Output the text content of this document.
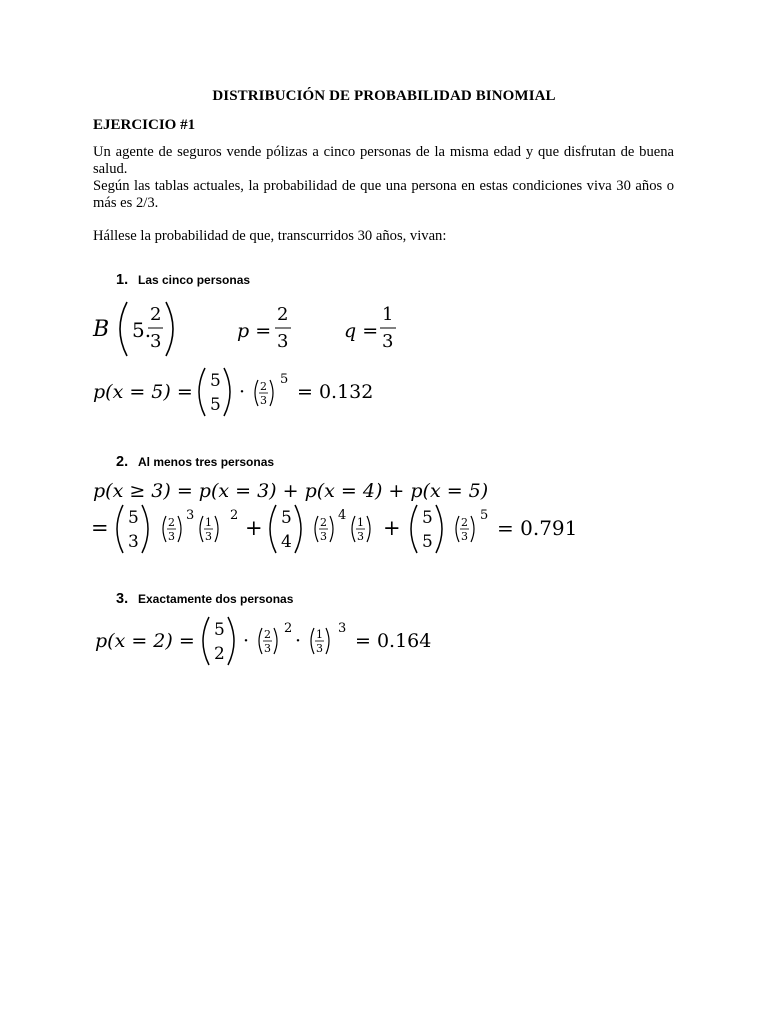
DISTRIBUCIÓN DE PROBABILIDAD BINOMIAL
EJERCICIO #1
Un agente de seguros vende pólizas a cinco personas de la misma edad y que disfrutan de buena salud.
Según las tablas actuales, la probabilidad de que una persona en estas condiciones viva 30 años o más es 2/3.
Hállese la probabilidad de que, transcurridos 30 años, vivan:
1. Las cinco personas
2. Al menos tres personas
3. Exactamente dos personas
B 5.
2
3	p =
2
3	q =
1
3
p(x = 5) = 5
5
· 2
3
5
= 0.132
p(x ≥ 3) = p(x = 3) + p(x = 4) + p(x = 5)
= 5
3
2
3
3 1
3
2
+ 5
4
2
3
4 1
3 + 5
5
2
3
5
= 0.791
p(x = 2) = 5
2
· 2
3
2
· 1
3
3
= 0.164
